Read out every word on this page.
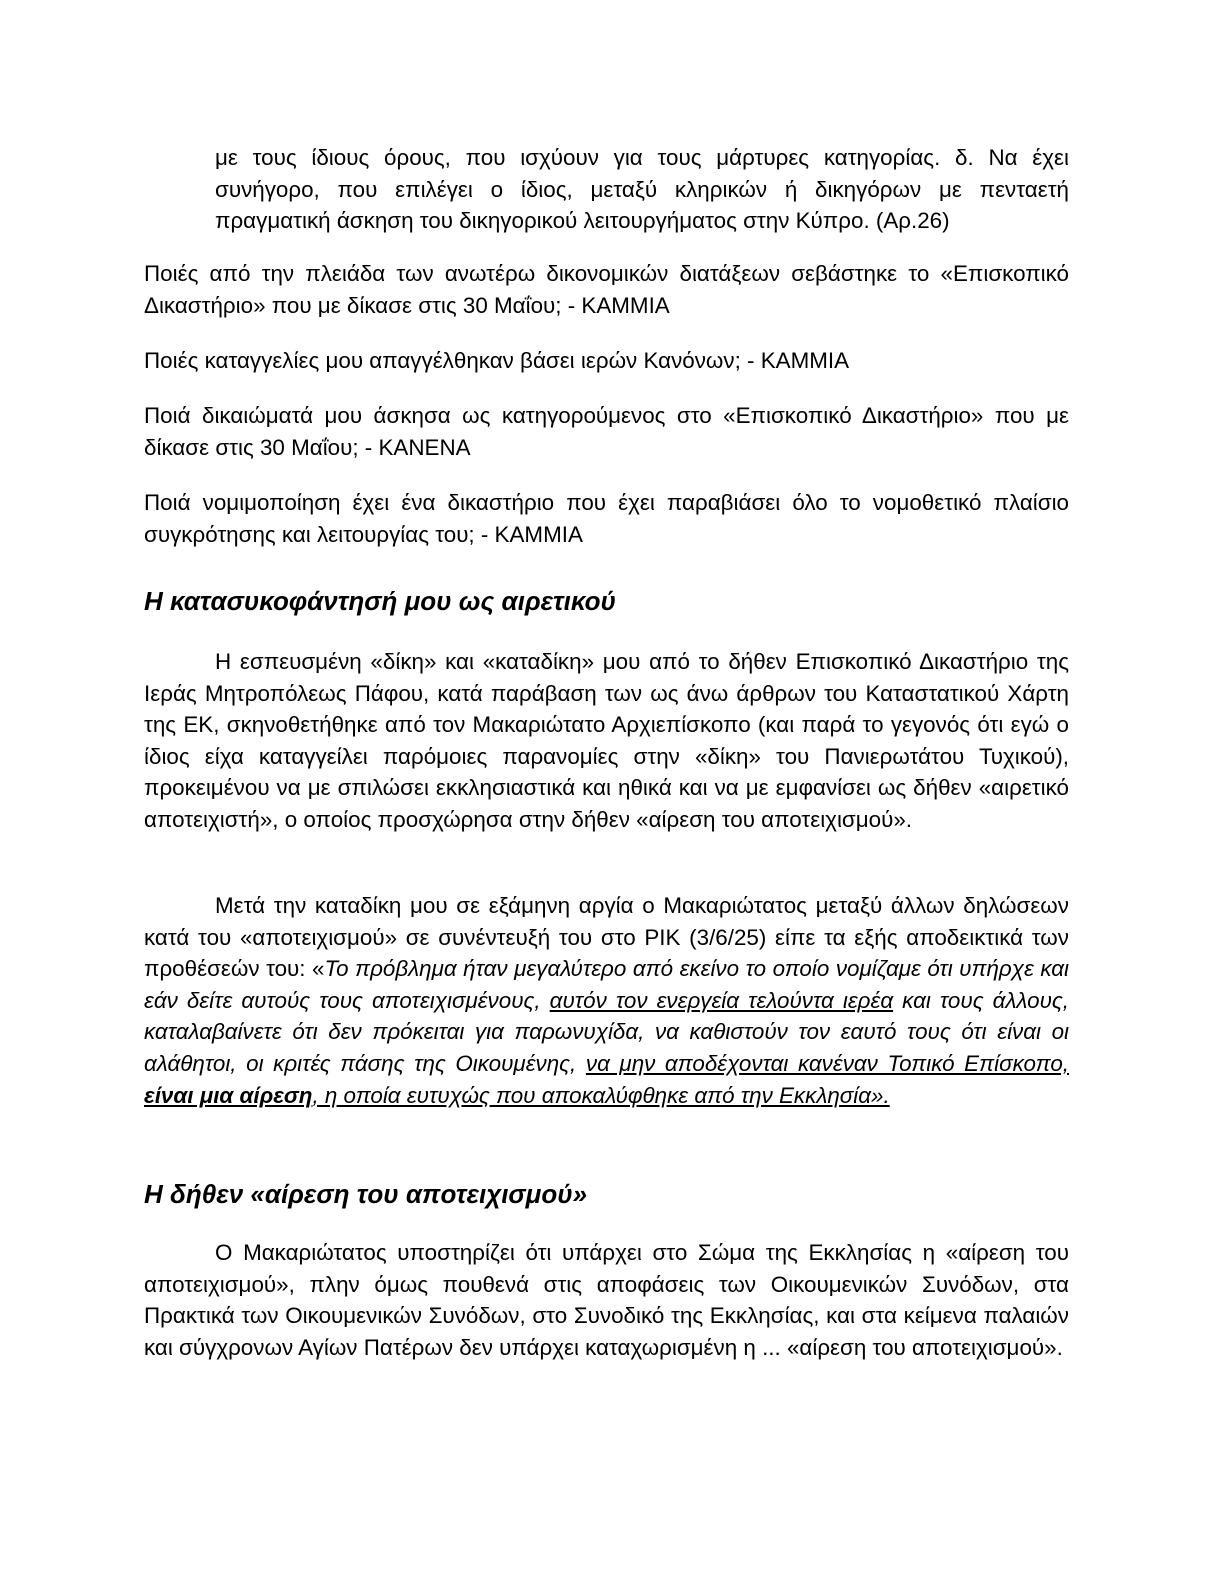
με τους ίδιους όρους, που ισχύουν για τους μάρτυρες κατηγορίας. δ. Να έχει συνήγορο, που επιλέγει ο ίδιος, μεταξύ κληρικών ή δικηγόρων με πενταετή πραγματική άσκηση του δικηγορικού λειτουργήματος στην Κύπρο. (Αρ.26)

Ποιές από την πλειάδα των ανωτέρω δικονομικών διατάξεων σεβάστηκε το «Επισκοπικό Δικαστήριο» που με δίκασε στις 30 Μαΐου; - ΚΑΜΜΙΑ

Ποιές καταγγελίες μου απαγγέλθηκαν βάσει ιερών Κανόνων; - ΚΑΜΜΙΑ

Ποιά δικαιώματά μου άσκησα ως κατηγορούμενος στο «Επισκοπικό Δικαστήριο» που με δίκασε στις 30 Μαΐου; - ΚΑΝΕΝΑ

Ποιά νομιμοποίηση έχει ένα δικαστήριο που έχει παραβιάσει όλο το νομοθετικό πλαίσιο συγκρότησης και λειτουργίας του; - ΚΑΜΜΙΑ

Η κατασυκοφάντησή μου ως αιρετικού

Η εσπευσμένη «δίκη» και «καταδίκη» μου από το δήθεν Επισκοπικό Δικαστήριο της Ιεράς Μητροπόλεως Πάφου, κατά παράβαση των ως άνω άρθρων του Καταστατικού Χάρτη της ΕΚ, σκηνοθετήθηκε από τον Μακαριώτατο Αρχιεπίσκοπο (και παρά το γεγονός ότι εγώ ο ίδιος είχα καταγγείλει παρόμοιες παρανομίες στην «δίκη» του Πανιερωτάτου Τυχικού), προκειμένου να με σπιλώσει εκκλησιαστικά και ηθικά και να με εμφανίσει ως δήθεν «αιρετικό αποτειχιστή», ο οποίος προσχώρησα στην δήθεν «αίρεση του αποτειχισμού».

Μετά την καταδίκη μου σε εξάμηνη αργία ο Μακαριώτατος μεταξύ άλλων δηλώσεων κατά του «αποτειχισμού» σε συνέντευξή του στο ΡΙΚ (3/6/25) είπε τα εξής αποδεικτικά των προθέσεών του: «Το πρόβλημα ήταν μεγαλύτερο από εκείνο το οποίο νομίζαμε ότι υπήρχε και εάν δείτε αυτούς τους αποτειχισμένους, αυτόν τον ενεργεία τελούντα ιερέα και τους άλλους, καταλαβαίνετε ότι δεν πρόκειται για παρωνυχίδα, να καθιστούν τον εαυτό τους ότι είναι οι αλάθητοι, οι κριτές πάσης της Οικουμένης, να μην αποδέχονται κανέναν Τοπικό Επίσκοπο, είναι μια αίρεση, η οποία ευτυχώς που αποκαλύφθηκε από την Εκκλησία».

Η δήθεν «αίρεση του αποτειχισμού»

Ο Μακαριώτατος υποστηρίζει ότι υπάρχει στο Σώμα της Εκκλησίας η «αίρεση του αποτειχισμού», πλην όμως πουθενά στις αποφάσεις των Οικουμενικών Συνόδων, στα Πρακτικά των Οικουμενικών Συνόδων, στο Συνοδικό της Εκκλησίας, και στα κείμενα παλαιών και σύγχρονων Αγίων Πατέρων δεν υπάρχει καταχωρισμένη η ... «αίρεση του αποτειχισμού».
